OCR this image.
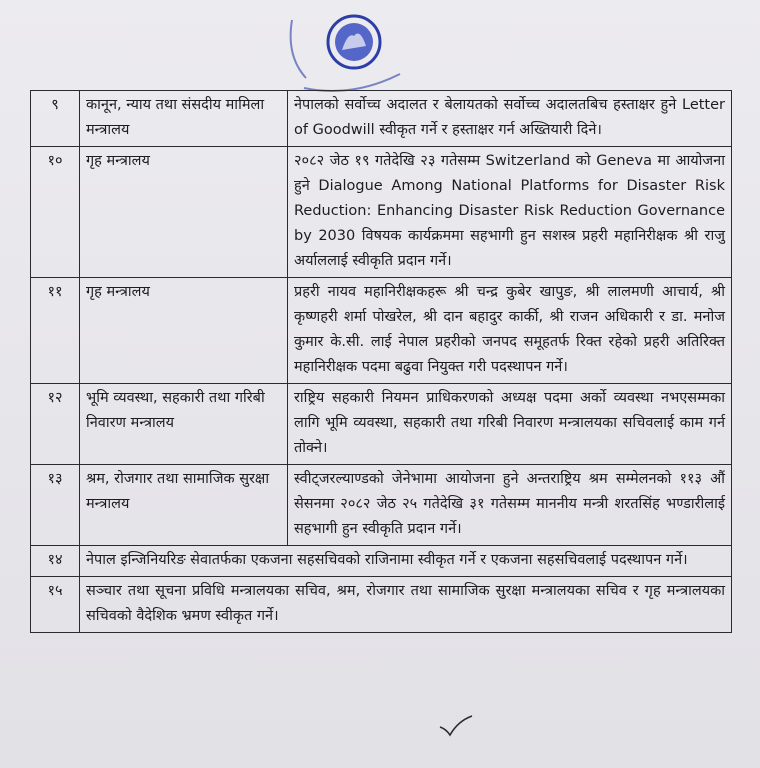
९	कानून, न्याय तथा संसदीय मामिला मन्त्रालय	नेपालको सर्वोच्च अदालत र बेलायतको सर्वोच्च अदालतबिच हस्ताक्षर हुने Letter of Goodwill स्वीकृत गर्ने र हस्ताक्षर गर्न अख्तियारी दिने।
१०	गृह मन्त्रालय	२०८२ जेठ १९ गतेदेखि २३ गतेसम्म Switzerland को Geneva मा आयोजना हुने Dialogue Among National Platforms for Disaster Risk Reduction: Enhancing Disaster Risk Reduction Governance by 2030 विषयक कार्यक्रममा सहभागी हुन सशस्त्र प्रहरी महानिरीक्षक श्री राजु अर्याललाई स्वीकृति प्रदान गर्ने।
११	गृह मन्त्रालय	प्रहरी नायव महानिरीक्षकहरू श्री चन्द्र कुबेर खापुङ, श्री लालमणी आचार्य, श्री कृष्णहरी शर्मा पोखरेल, श्री दान बहादुर कार्की, श्री राजन अधिकारी र डा. मनोज कुमार के.सी. लाई नेपाल प्रहरीको जनपद समूहतर्फ रिक्त रहेको प्रहरी अतिरिक्त महानिरीक्षक पदमा बढुवा नियुक्त गरी पदस्थापन गर्ने।
१२	भूमि व्यवस्था, सहकारी तथा गरिबी निवारण मन्त्रालय	राष्ट्रिय सहकारी नियमन प्राधिकरणको अध्यक्ष पदमा अर्को व्यवस्था नभएसम्मका लागि भूमि व्यवस्था, सहकारी तथा गरिबी निवारण मन्त्रालयका सचिवलाई काम गर्न तोक्ने।
१३	श्रम, रोजगार तथा सामाजिक सुरक्षा मन्त्रालय	स्वीट्जरल्याण्डको जेनेभामा आयोजना हुने अन्तराष्ट्रिय श्रम सम्मेलनको ११३ औं सेसनमा २०८२ जेठ २५ गतेदेखि ३१ गतेसम्म माननीय मन्त्री शरतसिंह भण्डारीलाई सहभागी हुन स्वीकृति प्रदान गर्ने।
१४	नेपाल इन्जिनियरिङ सेवातर्फका एकजना सहसचिवको राजिनामा स्वीकृत गर्ने र एकजना सहसचिवलाई पदस्थापन गर्ने।	
१५	सञ्चार तथा सूचना प्रविधि मन्त्रालयका सचिव, श्रम, रोजगार तथा सामाजिक सुरक्षा मन्त्रालयका सचिव र गृह मन्त्रालयका सचिवको वैदेशिक भ्रमण स्वीकृत गर्ने।	
